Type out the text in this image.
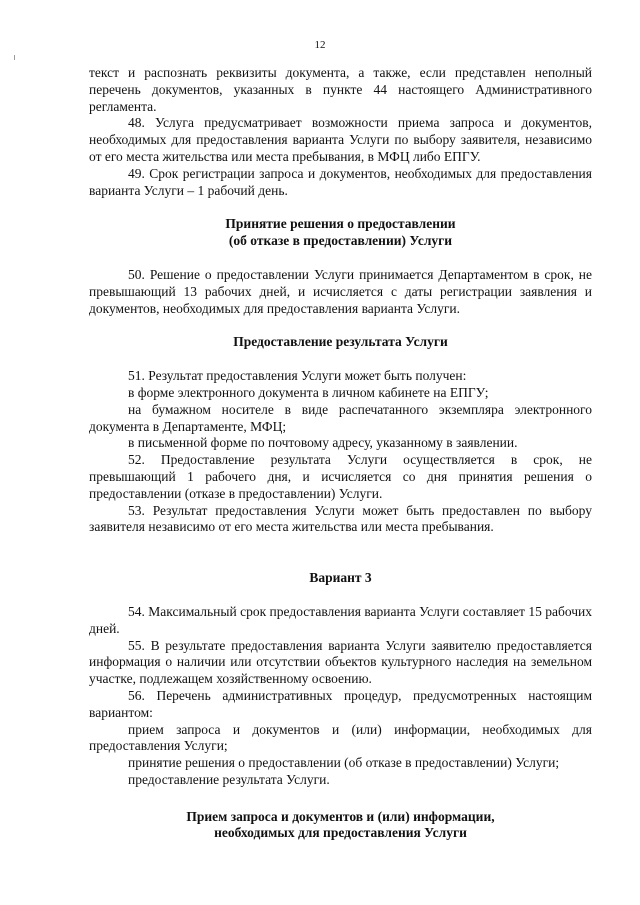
12

текст и распознать реквизиты документа, а также, если представлен неполный перечень документов, указанных в пункте 44 настоящего Административного регламента.

48. Услуга предусматривает возможности приема запроса и документов, необходимых для предоставления варианта Услуги по выбору заявителя, независимо от его места жительства или места пребывания, в МФЦ либо ЕПГУ.

49. Срок регистрации запроса и документов, необходимых для предоставления варианта Услуги – 1 рабочий день.

Принятие решения о предоставлении
(об отказе в предоставлении) Услуги

50. Решение о предоставлении Услуги принимается Департаментом в срок, не превышающий 13 рабочих дней, и исчисляется с даты регистрации заявления и документов, необходимых для предоставления варианта Услуги.

Предоставление результата Услуги

51. Результат предоставления Услуги может быть получен:

в форме электронного документа в личном кабинете на ЕПГУ;

на бумажном носителе в виде распечатанного экземпляра электронного документа в Департаменте, МФЦ;

в письменной форме по почтовому адресу, указанному в заявлении.

52. Предоставление результата Услуги осуществляется в срок, не превышающий 1 рабочего дня, и исчисляется со дня принятия решения о предоставлении (отказе в предоставлении) Услуги.

53. Результат предоставления Услуги может быть предоставлен по выбору заявителя независимо от его места жительства или места пребывания.

Вариант 3

54. Максимальный срок предоставления варианта Услуги составляет 15 рабочих дней.

55. В результате предоставления варианта Услуги заявителю предоставляется информация о наличии или отсутствии объектов культурного наследия на земельном участке, подлежащем хозяйственному освоению.

56. Перечень административных процедур, предусмотренных настоящим вариантом:

прием запроса и документов и (или) информации, необходимых для предоставления Услуги;

принятие решения о предоставлении (об отказе в предоставлении) Услуги;

предоставление результата Услуги.

Прием запроса и документов и (или) информации,
необходимых для предоставления Услуги
